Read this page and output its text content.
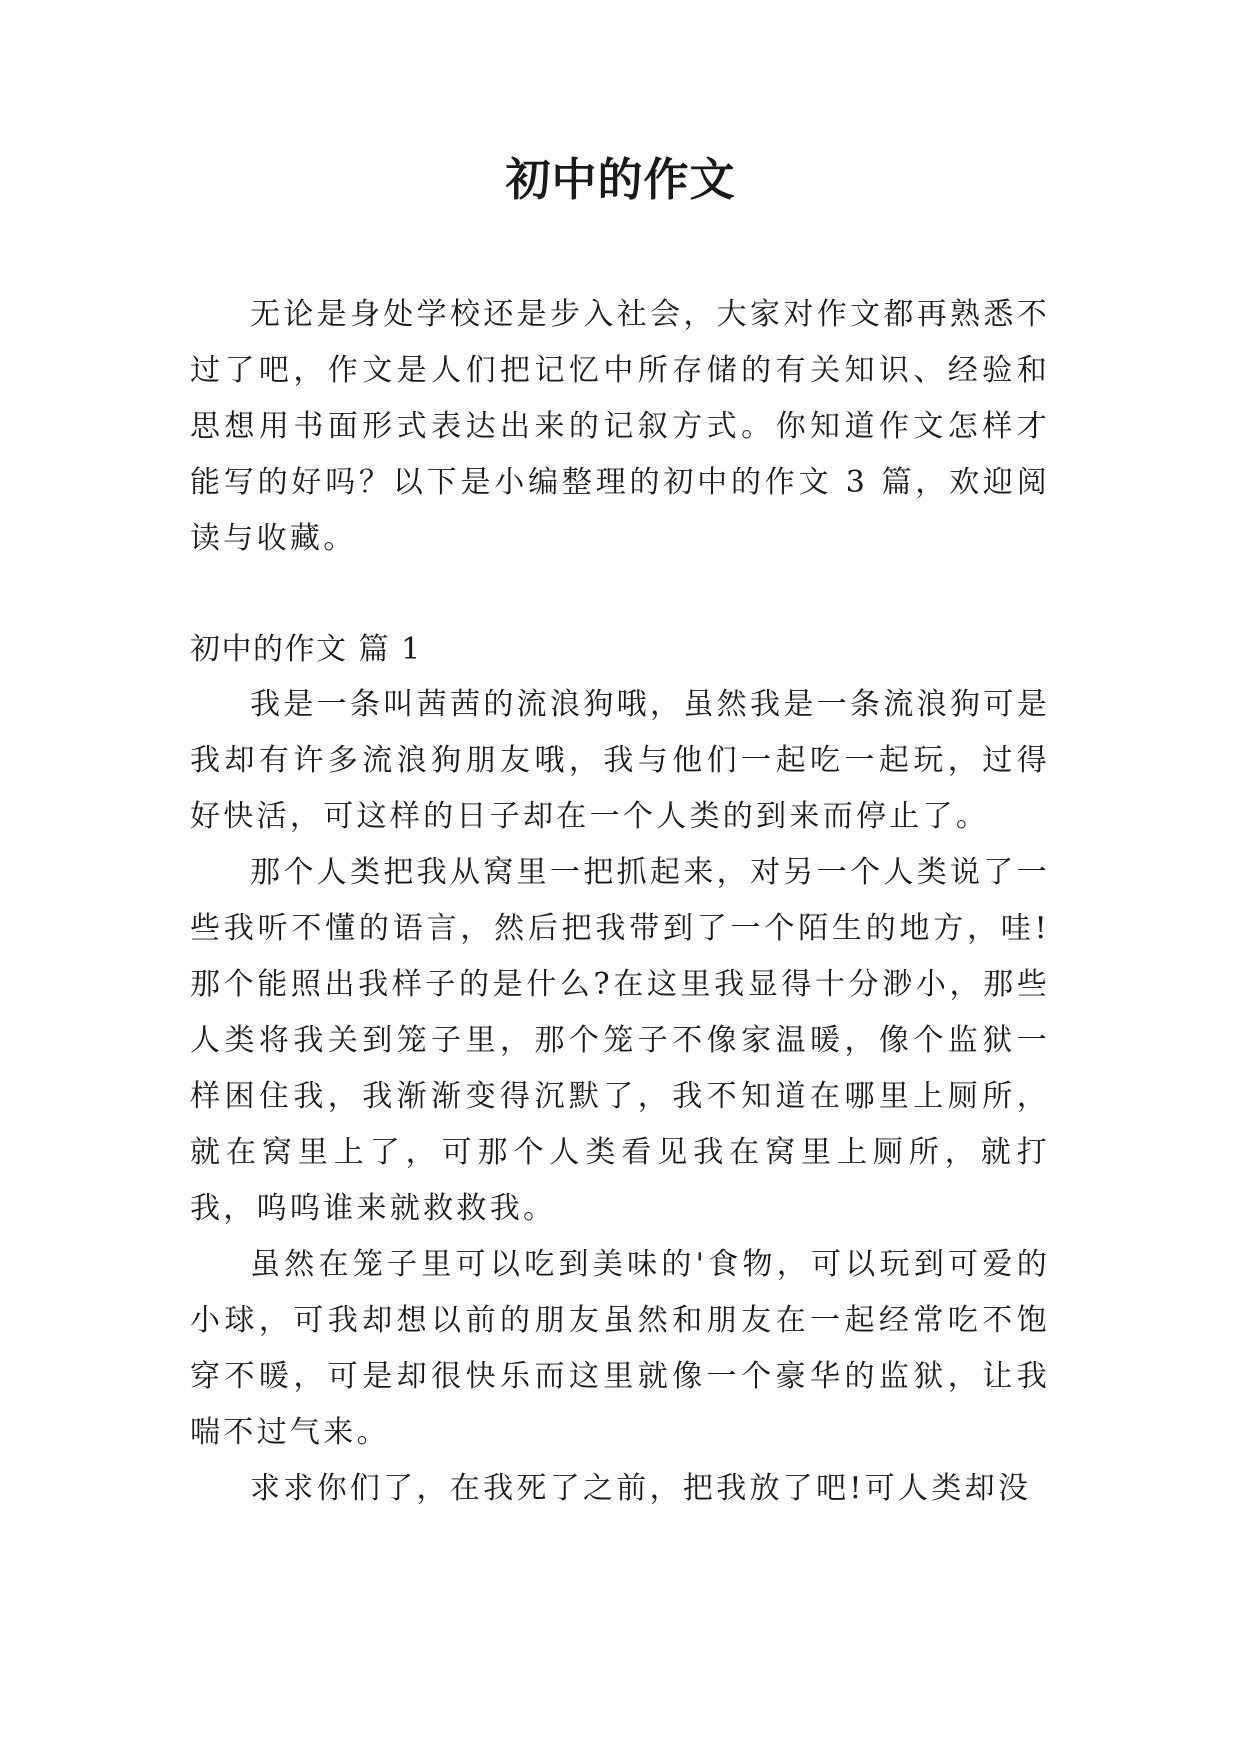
初中的作文

无论是身处学校还是步入社会，大家对作文都再熟悉不过了吧，作文是人们把记忆中所存储的有关知识、经验和思想用书面形式表达出来的记叙方式。你知道作文怎样才能写的好吗？以下是小编整理的初中的作文 3 篇，欢迎阅读与收藏。

初中的作文 篇 1

我是一条叫茜茜的流浪狗哦，虽然我是一条流浪狗可是我却有许多流浪狗朋友哦，我与他们一起吃一起玩，过得好快活，可这样的日子却在一个人类的到来而停止了。

那个人类把我从窝里一把抓起来，对另一个人类说了一些我听不懂的语言，然后把我带到了一个陌生的地方，哇!那个能照出我样子的是什么?在这里我显得十分渺小，那些人类将我关到笼子里，那个笼子不像家温暖，像个监狱一样困住我，我渐渐变得沉默了，我不知道在哪里上厕所，就在窝里上了，可那个人类看见我在窝里上厕所，就打我，呜呜谁来就救救我。

虽然在笼子里可以吃到美味的'食物，可以玩到可爱的小球，可我却想以前的朋友虽然和朋友在一起经常吃不饱穿不暖，可是却很快乐而这里就像一个豪华的监狱，让我喘不过气来。

求求你们了，在我死了之前，把我放了吧!可人类却没
